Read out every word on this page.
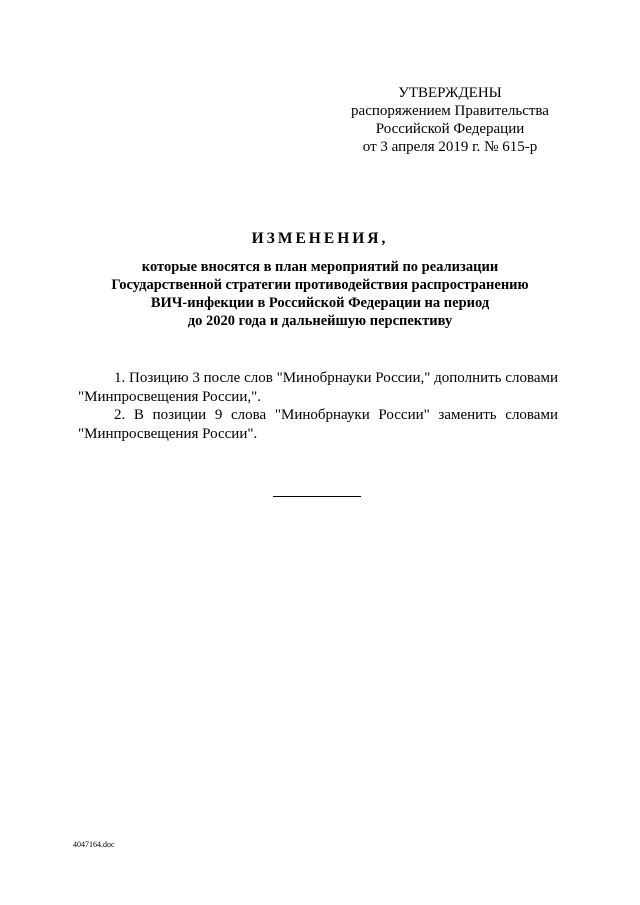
УТВЕРЖДЕНЫ
распоряжением Правительства
Российской Федерации
от 3 апреля 2019 г. № 615-р
ИЗМЕНЕНИЯ,
которые вносятся в план мероприятий по реализации
Государственной стратегии противодействия распространению
ВИЧ-инфекции в Российской Федерации на период
до 2020 года и дальнейшую перспективу

1. Позицию 3 после слов "Минобрнауки России," дополнить словами "Минпросвещения России,".

2. В позиции 9 слова "Минобрнауки России" заменить словами "Минпросвещения России".

4047164.doc
